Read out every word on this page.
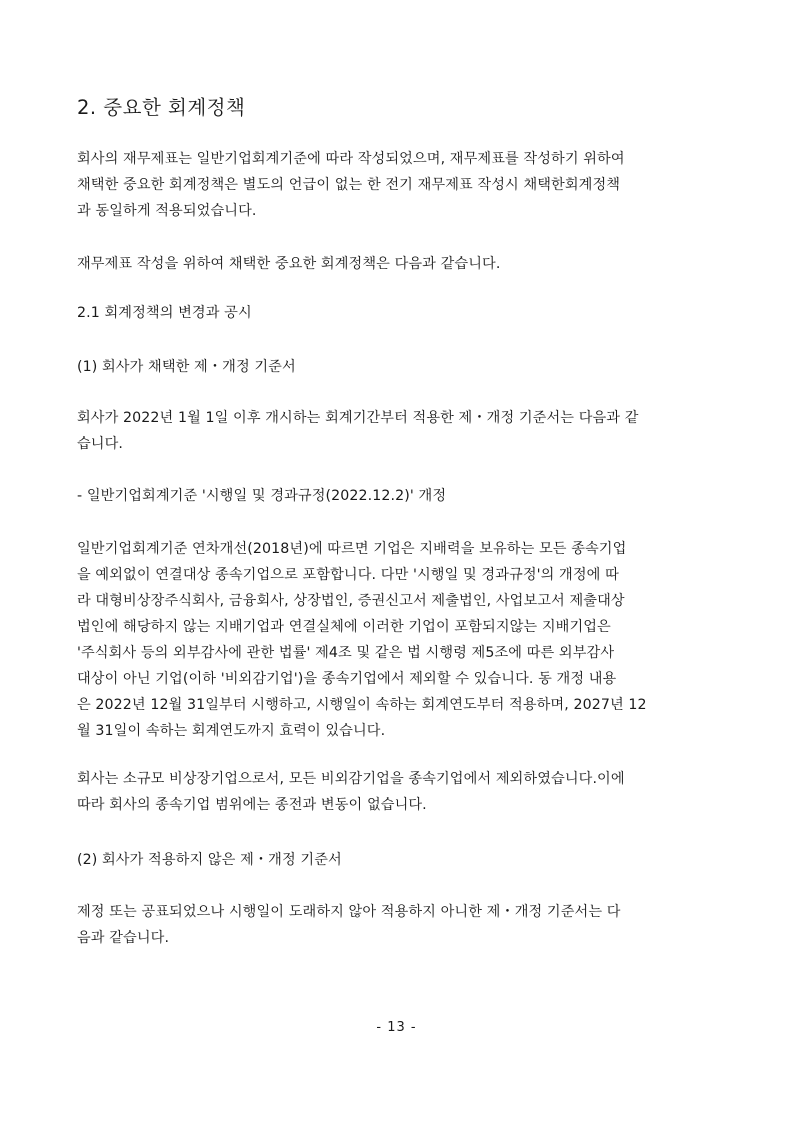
2. 중요한 회계정책

회사의 재무제표는 일반기업회계기준에 따라 작성되었으며, 재무제표를 작성하기 위하여
채택한 중요한 회계정책은 별도의 언급이 없는 한 전기 재무제표 작성시 채택한회계정책
과 동일하게 적용되었습니다.

재무제표 작성을 위하여 채택한 중요한 회계정책은 다음과 같습니다.

2.1 회계정책의 변경과 공시

(1) 회사가 채택한 제・개정 기준서

회사가 2022년 1월 1일 이후 개시하는 회계기간부터 적용한 제・개정 기준서는 다음과 같
습니다.

- 일반기업회계기준 '시행일 및 경과규정(2022.12.2)' 개정

일반기업회계기준 연차개선(2018년)에 따르면 기업은 지배력을 보유하는 모든 종속기업
을 예외없이 연결대상 종속기업으로 포함합니다. 다만 '시행일 및 경과규정'의 개정에 따
라 대형비상장주식회사, 금융회사, 상장법인, 증권신고서 제출법인, 사업보고서 제출대상
법인에 해당하지 않는 지배기업과 연결실체에 이러한 기업이 포함되지않는 지배기업은
'주식회사 등의 외부감사에 관한 법률' 제4조 및 같은 법 시행령 제5조에 따른 외부감사
대상이 아닌 기업(이하 '비외감기업')을 종속기업에서 제외할 수 있습니다. 동 개정 내용
은 2022년 12월 31일부터 시행하고, 시행일이 속하는 회계연도부터 적용하며, 2027년 12
월 31일이 속하는 회계연도까지 효력이 있습니다.

회사는 소규모 비상장기업으로서, 모든 비외감기업을 종속기업에서 제외하였습니다.이에
따라 회사의 종속기업 범위에는 종전과 변동이 없습니다.

(2) 회사가 적용하지 않은 제・개정 기준서

제정 또는 공표되었으나 시행일이 도래하지 않아 적용하지 아니한 제・개정 기준서는 다
음과 같습니다.

- 13 -
